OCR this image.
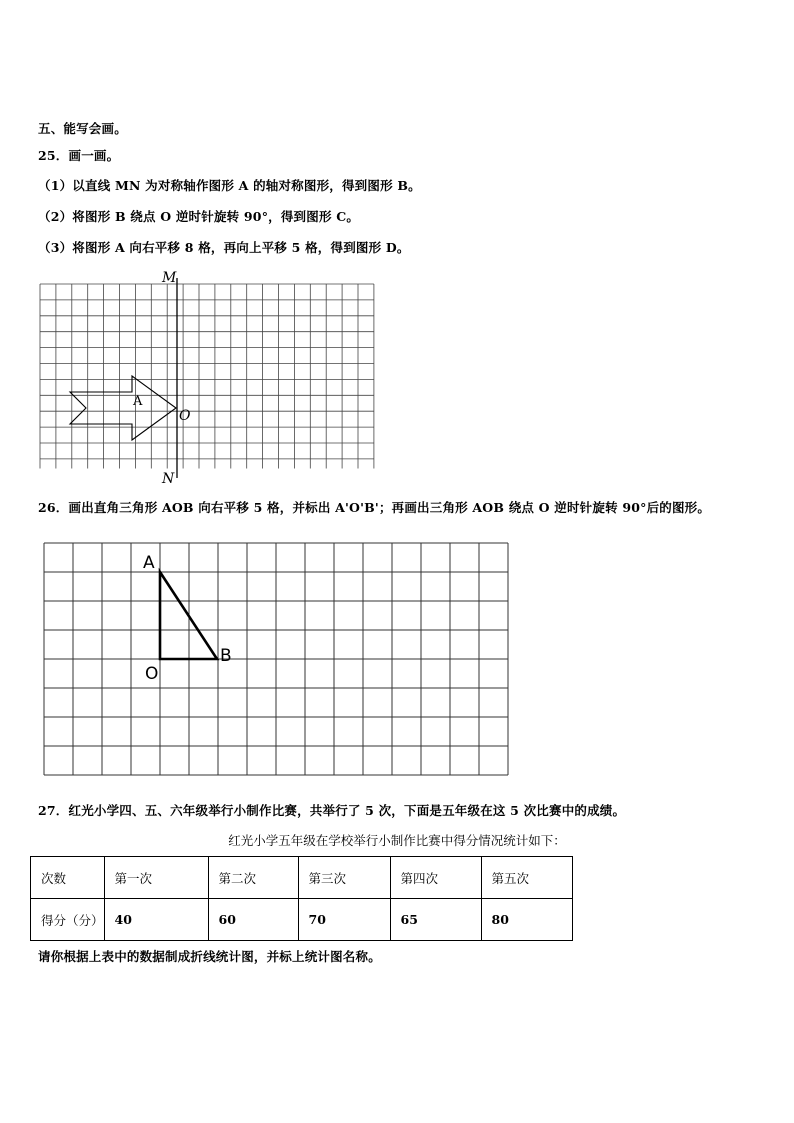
五、能写会画。
25．画一画。
（1）以直线 MN 为对称轴作图形 A 的轴对称图形，得到图形 B。
（2）将图形 B 绕点 O 逆时针旋转 90°，得到图形 C。
（3）将图形 A 向右平移 8 格，再向上平移 5 格，得到图形 D。
M
N
O
A
26．画出直角三角形 AOB 向右平移 5 格，并标出 A'O'B'；再画出三角形 AOB 绕点 O 逆时针旋转 90°后的图形。
A
B
O
27．红光小学四、五、六年级举行小制作比赛，共举行了 5 次，下面是五年级在这 5 次比赛中的成绩。
红光小学五年级在学校举行小制作比赛中得分情况统计如下：
次数	第一次	第二次	第三次	第四次	第五次
得分（分）	40	60	70	65	80
请你根据上表中的数据制成折线统计图，并标上统计图名称。
